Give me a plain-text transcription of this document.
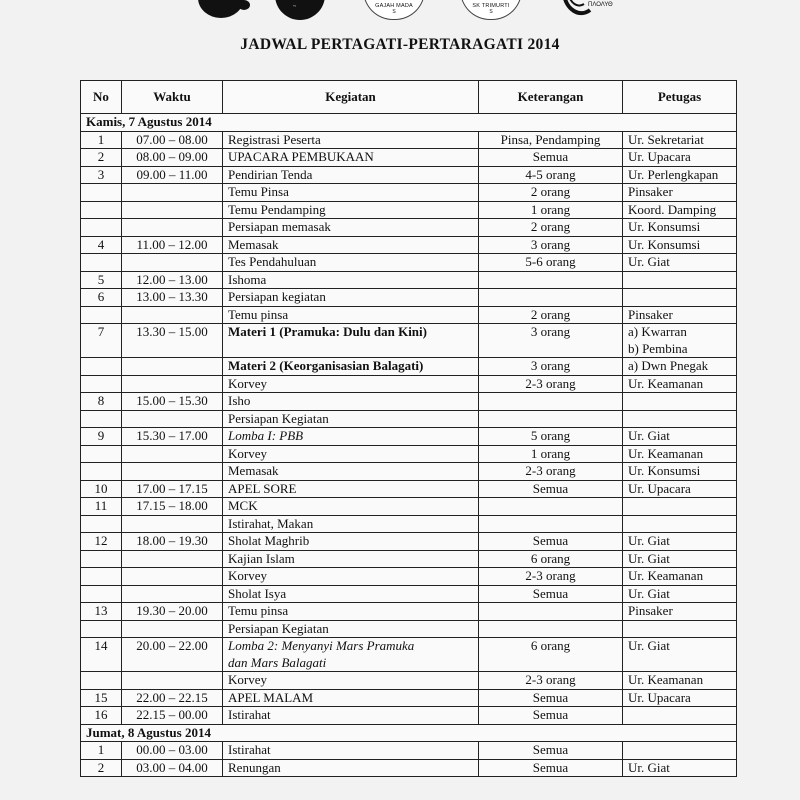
~	GAJAH MADA
S
SK TRIMURTI
S
ΠΛΟΛΥΘ
JADWAL PERTAGATI-PERTARAGATI 2014
No	Waktu	Kegiatan	Keterangan	Petugas
Kamis, 7 Agustus 2014				
1	07.00 – 08.00	Registrasi Peserta	Pinsa, Pendamping	Ur. Sekretariat
2	08.00 – 09.00	UPACARA PEMBUKAAN	Semua	Ur. Upacara
3	09.00 – 11.00	Pendirian Tenda	4-5 orang	Ur. Perlengkapan
		Temu Pinsa	2 orang	Pinsaker
		Temu Pendamping	1 orang	Koord. Damping
		Persiapan memasak	2 orang	Ur. Konsumsi
4	11.00 – 12.00	Memasak	3 orang	Ur. Konsumsi
		Tes Pendahuluan	5-6 orang	Ur. Giat
5	12.00 – 13.00	Ishoma		
6	13.00 – 13.30	Persiapan kegiatan		
		Temu pinsa	2 orang	Pinsaker
7	13.30 – 15.00	Materi 1 (Pramuka: Dulu dan Kini)	3 orang	a) Kwarran
b) Pembina

		Materi 2 (Keorganisasian Balagati)	3 orang	a) Dwn Pnegak
		Korvey	2-3 orang	Ur. Keamanan
8	15.00 – 15.30	Isho		
		Persiapan Kegiatan		
9	15.30 – 17.00	Lomba I: PBB	5 orang	Ur. Giat
		Korvey	1 orang	Ur. Keamanan
		Memasak	2-3 orang	Ur. Konsumsi
10	17.00 – 17.15	APEL SORE	Semua	Ur. Upacara
11	17.15 – 18.00	MCK		
		Istirahat, Makan		
12	18.00 – 19.30	Sholat Maghrib	Semua	Ur. Giat
		Kajian Islam	6 orang	Ur. Giat
		Korvey	2-3 orang	Ur. Keamanan
		Sholat Isya	Semua	Ur. Giat
13	19.30 – 20.00	Temu pinsa		Pinsaker
		Persiapan Kegiatan		
14	20.00 – 22.00	Lomba 2: Menyanyi Mars Pramuka
dan Mars Balagati	6 orang	Ur. Giat
		Korvey	2-3 orang	Ur. Keamanan
15	22.00 – 22.15	APEL MALAM	Semua	Ur. Upacara
16	22.15 – 00.00	Istirahat	Semua	
Jumat, 8 Agustus 2014				
1	00.00 – 03.00	Istirahat	Semua	
2	03.00 – 04.00	Renungan	Semua	Ur. Giat
